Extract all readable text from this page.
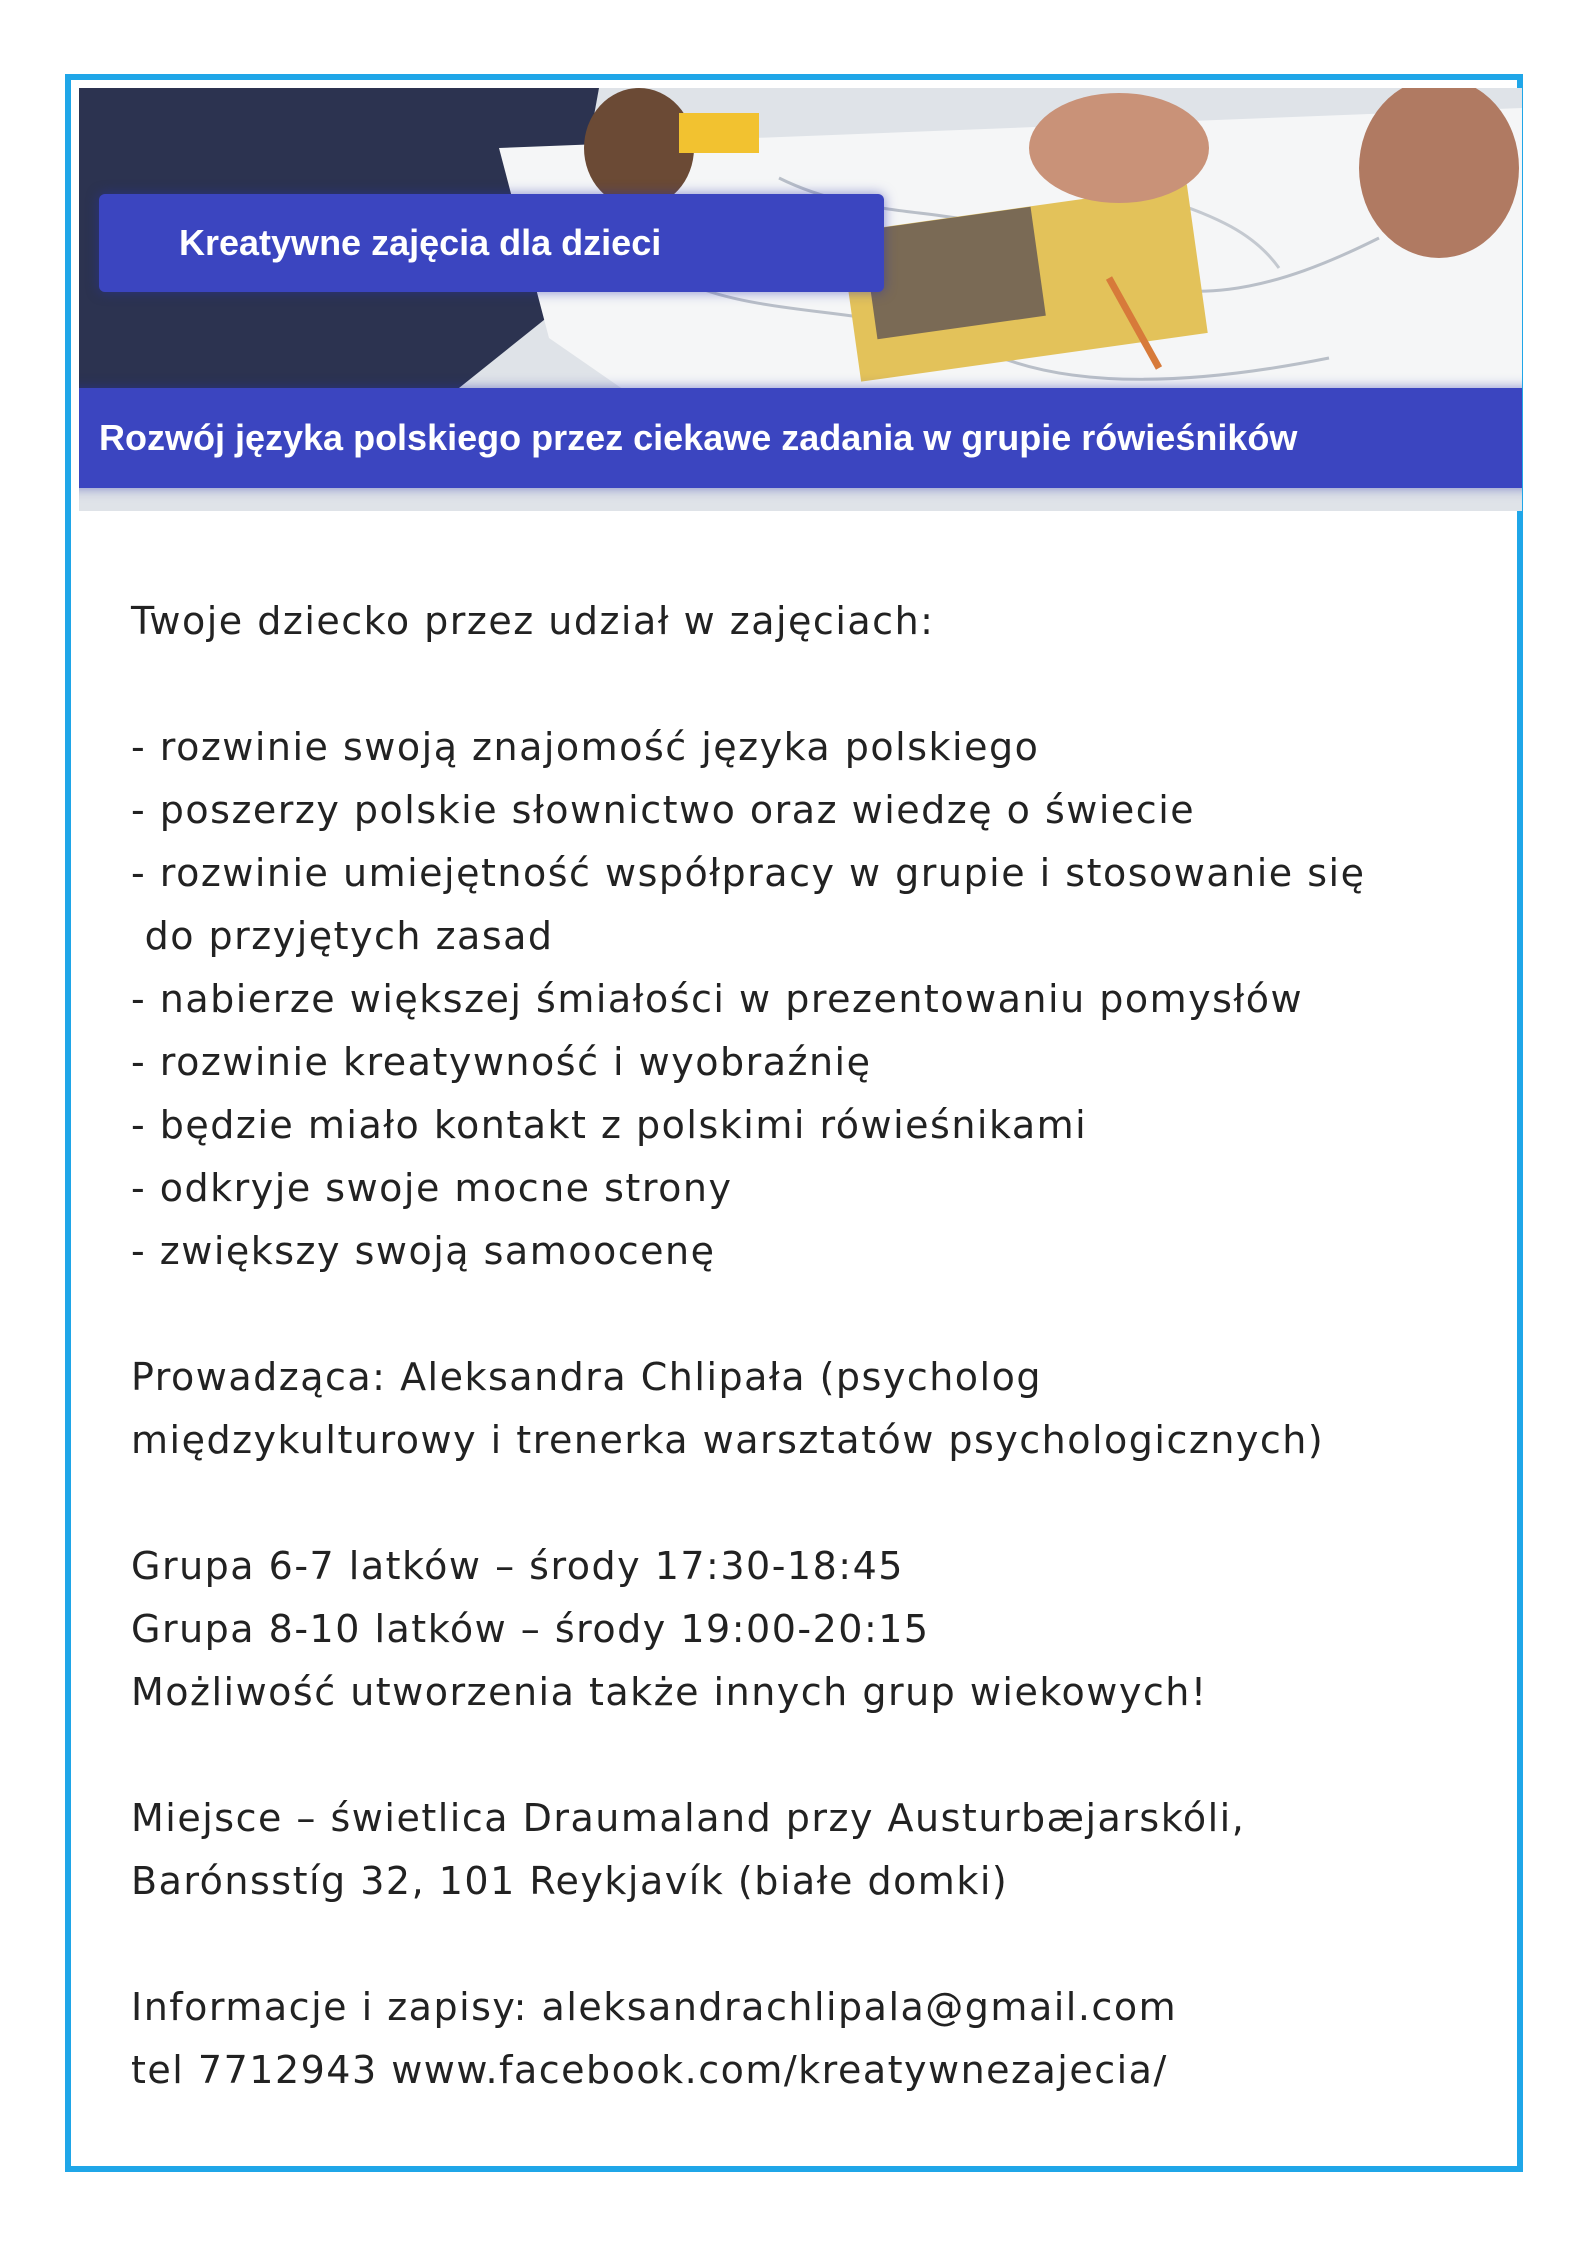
Kreatywne zajęcia dla dzieci
Rozwój języka polskiego przez ciekawe zadania w grupie rówieśników

Twoje dziecko przez udział w zajęciach:

- rozwinie swoją znajomość języka polskiego

- poszerzy polskie słownictwo oraz wiedzę o świecie

- rozwinie umiejętność współpracy w grupie i stosowanie się

do przyjętych zasad

- nabierze większej śmiałości w prezentowaniu pomysłów

- rozwinie kreatywność i wyobraźnię

- będzie miało kontakt z polskimi rówieśnikami

- odkryje swoje mocne strony

- zwiększy swoją samoocenę

Prowadząca: Aleksandra Chlipała (psycholog

międzykulturowy i trenerka warsztatów psychologicznych)

Grupa 6-7 latków – środy 17:30-18:45

Grupa 8-10 latków – środy 19:00-20:15

Możliwość utworzenia także innych grup wiekowych!

Miejsce – świetlica Draumaland przy Austurbæjarskóli,

Barónsstíg 32, 101 Reykjavík (białe domki)

Informacje i zapisy: aleksandrachlipala@gmail.com

tel 7712943 www.facebook.com/kreatywnezajecia/
